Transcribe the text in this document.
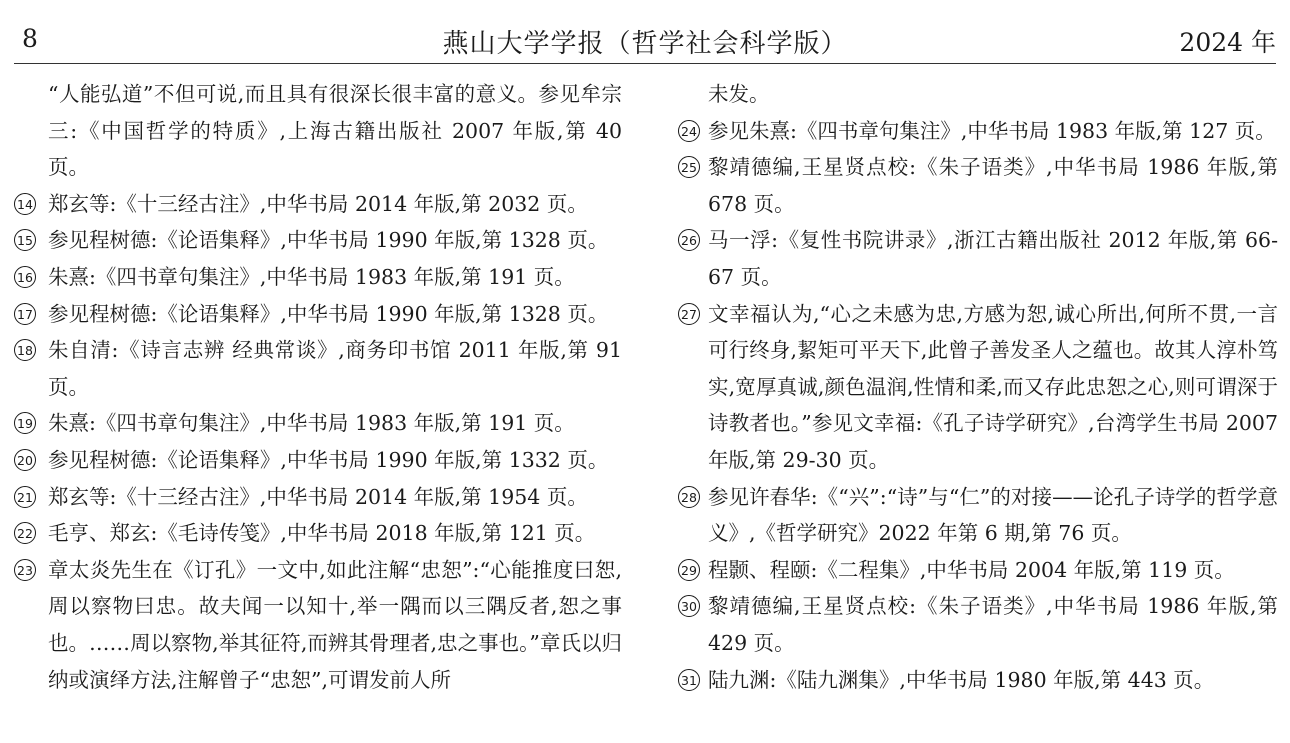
8	燕山大学学报（哲学社会科学版）	2024 年

“人能弘道”不但可说,而且具有很深长很丰富的意义。参见牟宗三:《中国哲学的特质》,上海古籍出版社 2007 年版,第 40 页。

14 郑玄等:《十三经古注》,中华书局 2014 年版,第 2032 页。

15 参见程树德:《论语集释》,中华书局 1990 年版,第 1328 页。

16 朱熹:《四书章句集注》,中华书局 1983 年版,第 191 页。

17 参见程树德:《论语集释》,中华书局 1990 年版,第 1328 页。

18 朱自清:《诗言志辨 经典常谈》,商务印书馆 2011 年版,第 91 页。

19 朱熹:《四书章句集注》,中华书局 1983 年版,第 191 页。

20 参见程树德:《论语集释》,中华书局 1990 年版,第 1332 页。

21 郑玄等:《十三经古注》,中华书局 2014 年版,第 1954 页。

22 毛亨、郑玄:《毛诗传笺》,中华书局 2018 年版,第 121 页。

23 章太炎先生在《订孔》一文中,如此注解“忠恕”:“心能推度曰恕,周以察物曰忠。故夫闻一以知十,举一隅而以三隅反者,恕之事也。……周以察物,举其征符,而辨其骨理者,忠之事也。”章氏以归纳或演绎方法,注解曾子“忠恕”,可谓发前人所

未发。

24 参见朱熹:《四书章句集注》,中华书局 1983 年版,第 127 页。

25 黎靖德编,王星贤点校:《朱子语类》,中华书局 1986 年版,第 678 页。

26 马一浮:《复性书院讲录》,浙江古籍出版社 2012 年版,第 66-67 页。

27 文幸福认为,“心之未感为忠,方感为恕,诚心所出,何所不贯,一言可行终身,絜矩可平天下,此曾子善发圣人之蕴也。故其人淳朴笃实,宽厚真诚,颜色温润,性情和柔,而又存此忠恕之心,则可谓深于诗教者也。”参见文幸福:《孔子诗学研究》,台湾学生书局 2007 年版,第 29-30 页。

28 参见许春华:《“兴”:“诗”与“仁”的对接——论孔子诗学的哲学意义》,《哲学研究》2022 年第 6 期,第 76 页。

29 程颢、程颐:《二程集》,中华书局 2004 年版,第 119 页。

30 黎靖德编,王星贤点校:《朱子语类》,中华书局 1986 年版,第 429 页。

31 陆九渊:《陆九渊集》,中华书局 1980 年版,第 443 页。
